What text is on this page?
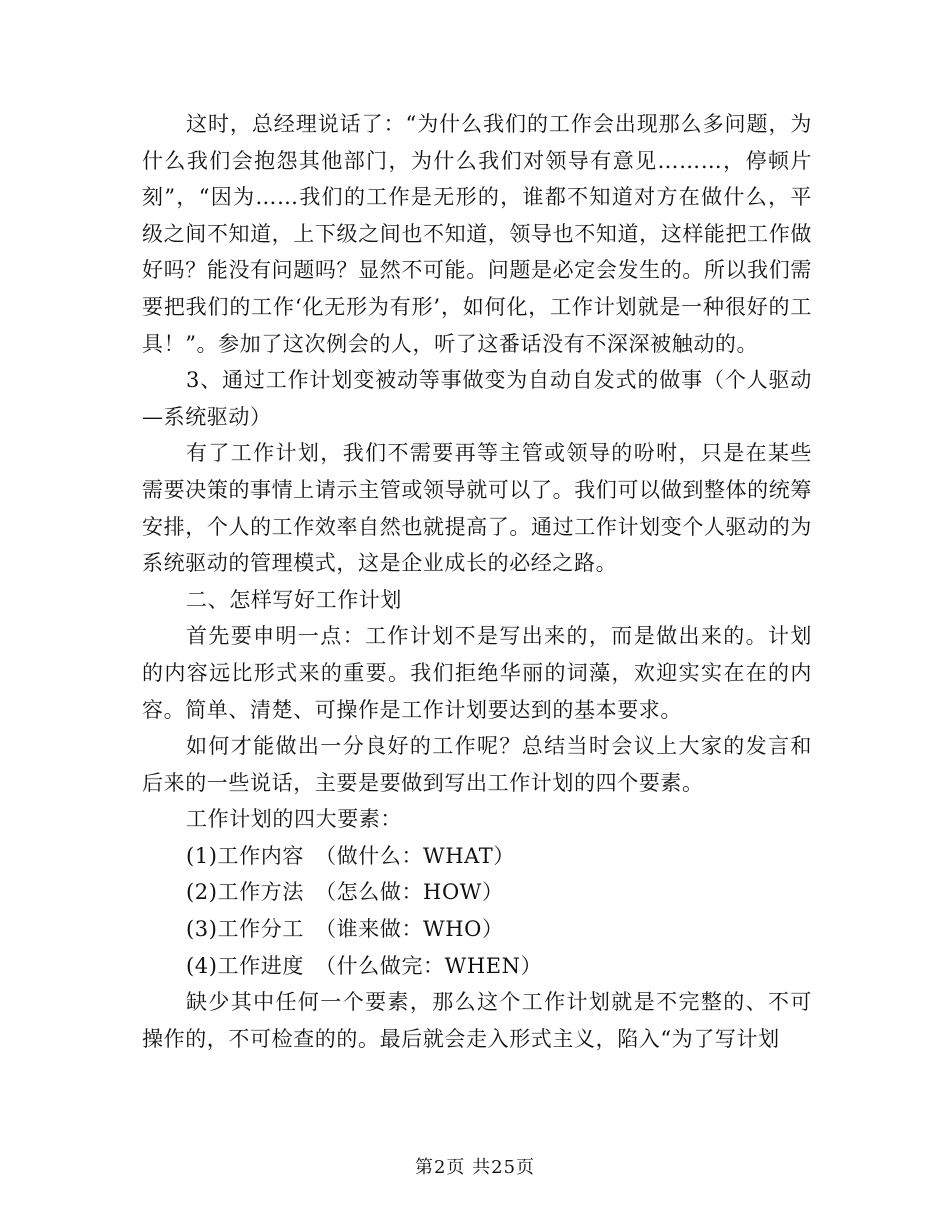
这时，总经理说话了：“为什么我们的工作会出现那么多问题，为什么我们会抱怨其他部门，为什么我们对领导有意见………，停顿片刻”，“因为……我们的工作是无形的，谁都不知道对方在做什么，平级之间不知道，上下级之间也不知道，领导也不知道，这样能把工作做好吗？能没有问题吗？显然不可能。问题是必定会发生的。所以我们需要把我们的工作‘化无形为有形’，如何化，工作计划就是一种很好的工具！”。参加了这次例会的人，听了这番话没有不深深被触动的。

3、通过工作计划变被动等事做变为自动自发式的做事（个人驱动—系统驱动）

有了工作计划，我们不需要再等主管或领导的吩咐，只是在某些需要决策的事情上请示主管或领导就可以了。我们可以做到整体的统筹安排，个人的工作效率自然也就提高了。通过工作计划变个人驱动的为系统驱动的管理模式，这是企业成长的必经之路。

二、怎样写好工作计划

首先要申明一点：工作计划不是写出来的，而是做出来的。计划的内容远比形式来的重要。我们拒绝华丽的词藻，欢迎实实在在的内容。简单、清楚、可操作是工作计划要达到的基本要求。

如何才能做出一分良好的工作呢？总结当时会议上大家的发言和后来的一些说话，主要是要做到写出工作计划的四个要素。

工作计划的四大要素：

(1)工作内容　（做什么：WHAT）

(2)工作方法　（怎么做：HOW）

(3)工作分工　（谁来做：WHO）

(4)工作进度　（什么做完：WHEN）

缺少其中任何一个要素，那么这个工作计划就是不完整的、不可操作的，不可检查的的。最后就会走入形式主义，陷入“为了写计划

第2页 共25页
